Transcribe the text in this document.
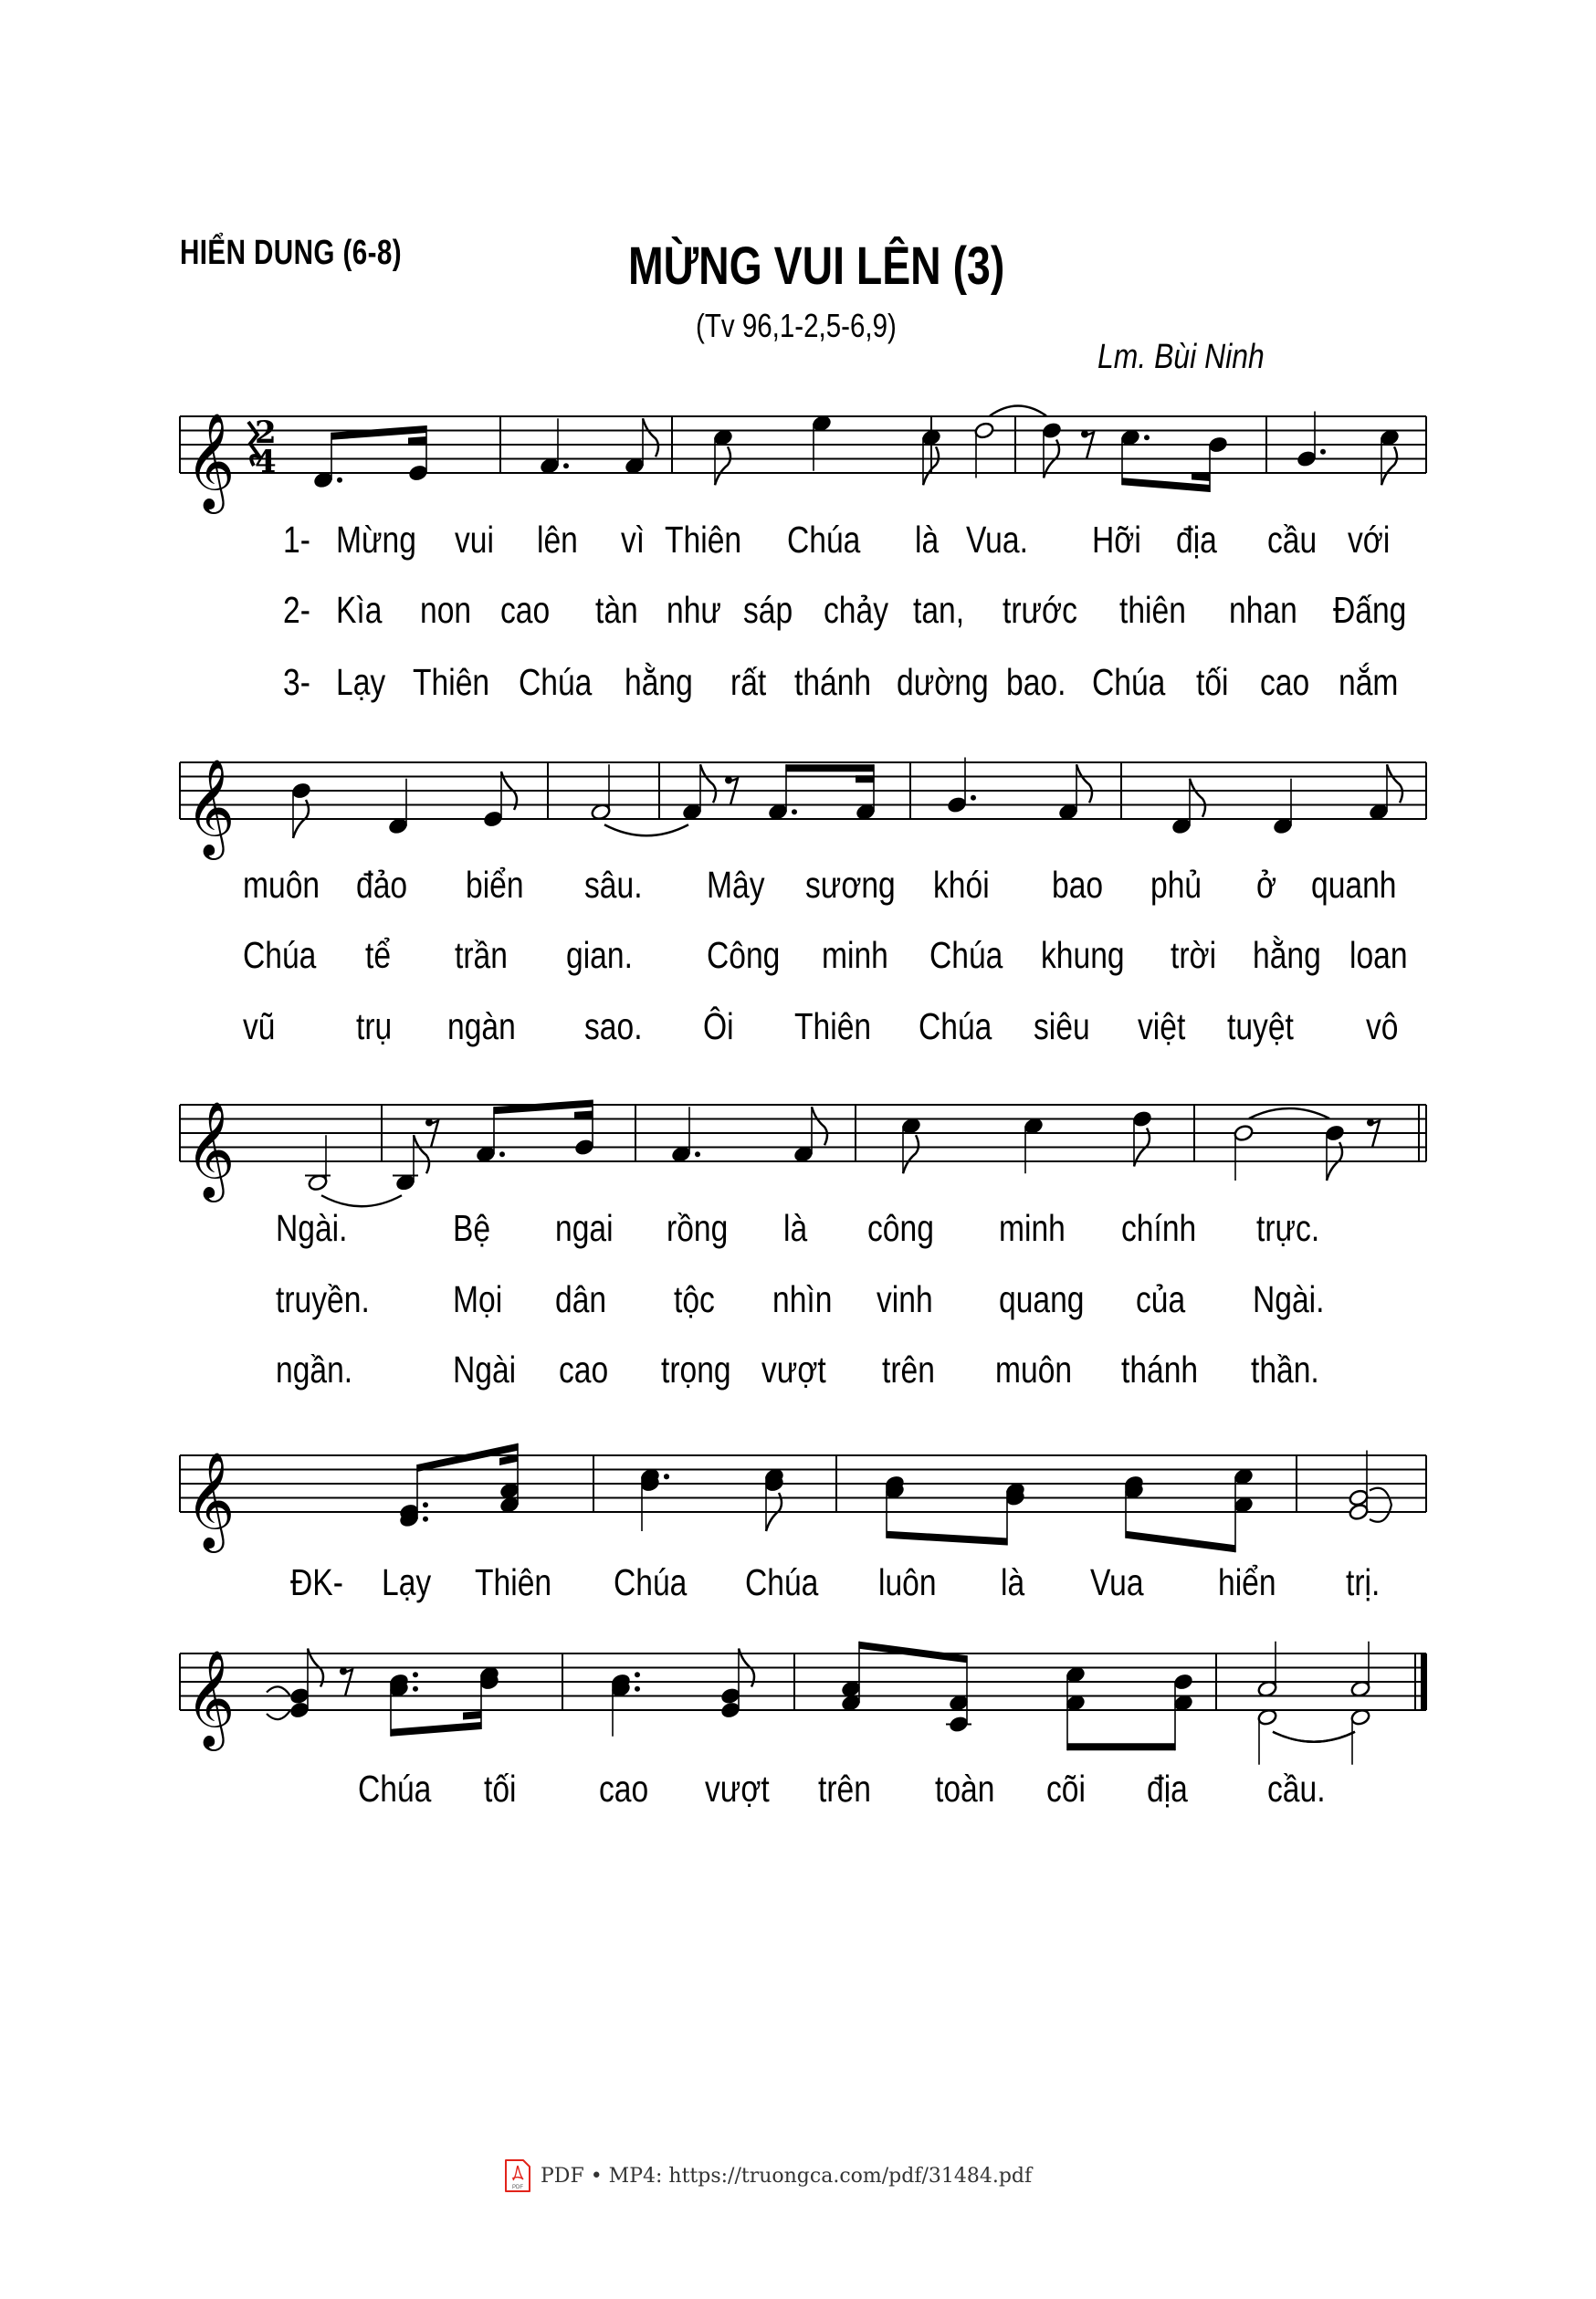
HIỂN DUNG (6-8)	MỪNG VUI LÊN (3)
(Tv 96,1-2,5-6,9)
Lm. Bùi Ninh
𝄞 2
4
𝄞
𝄞
𝄞
𝄞
1- Mừng vui lên vì Thiên Chúa là Vua. Hỡi địa cầu với
2- Kìa non cao tàn như sáp chảy tan, trước thiên nhan Đấng
3- Lạy Thiên Chúa hằng rất thánh dường bao. Chúa tối cao nắm
muôn đảo biển sâu. Mây sương khói bao phủ ở quanh
Chúa tể trần gian. Công minh Chúa khung trời hằng loan
vũ trụ ngàn sao. Ôi Thiên Chúa siêu việt tuyệt vô
Ngài.	Bệ ngai rồng là công minh chính trực.
truyền. Mọi dân tộc nhìn vinh quang của Ngài.
ngần.	Ngài cao trọng vượt trên muôn thánh thần.
ĐK- Lạy Thiên Chúa Chúa luôn là Vua hiển trị.
Chúa tối cao vượt trên toàn cõi địa cầu.
PDF
PDF • MP4: https://truongca.com/pdf/31484.pdf
